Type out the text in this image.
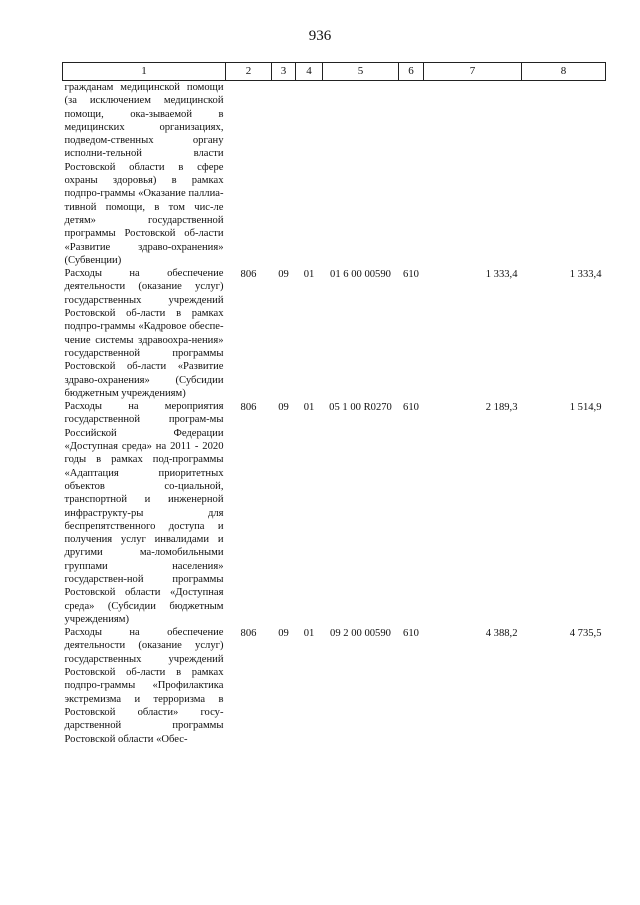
936
1	2	3	4	5	6	7	8
гражданам медицинской помощи (за исключением медицинской помощи, ока-зываемой в медицинских организациях, подведом-ственных органу исполни-тельной власти Ростовской области в сфере охраны здоровья) в рамках подпро-граммы «Оказание паллиа-тивной помощи, в том чис-ле детям» государственной программы Ростовской об-ласти «Развитие здраво-охранения» (Субвенции)							
Расходы на обеспечение деятельности (оказание услуг) государственных учреждений Ростовской об-ласти в рамках подпро-граммы «Кадровое обеспе-чение системы здравоохра-нения» государственной программы Ростовской об-ласти «Развитие здраво-охранения» (Субсидии бюджетным учреждениям)	806	09	01	01 6 00 00590	610	1 333,4	1 333,4
Расходы на мероприятия государственной програм-мы Российской Федерации «Доступная среда» на 2011 - 2020 годы в рамках под-программы «Адаптация приоритетных объектов со-циальной, транспортной и инженерной инфраструкту-ры для беспрепятственного доступа и получения услуг инвалидами и другими ма-ломобильными группами населения» государствен-ной программы Ростовской области «Доступная среда» (Субсидии бюджетным учреждениям)	806	09	01	05 1 00 R0270	610	2 189,3	1 514,9
Расходы на обеспечение деятельности (оказание услуг) государственных учреждений Ростовской об-ласти в рамках подпро-граммы «Профилактика экстремизма и терроризма в Ростовской области» госу-дарственной программы Ростовской области «Обес-	806	09	01	09 2 00 00590	610	4 388,2	4 735,5
